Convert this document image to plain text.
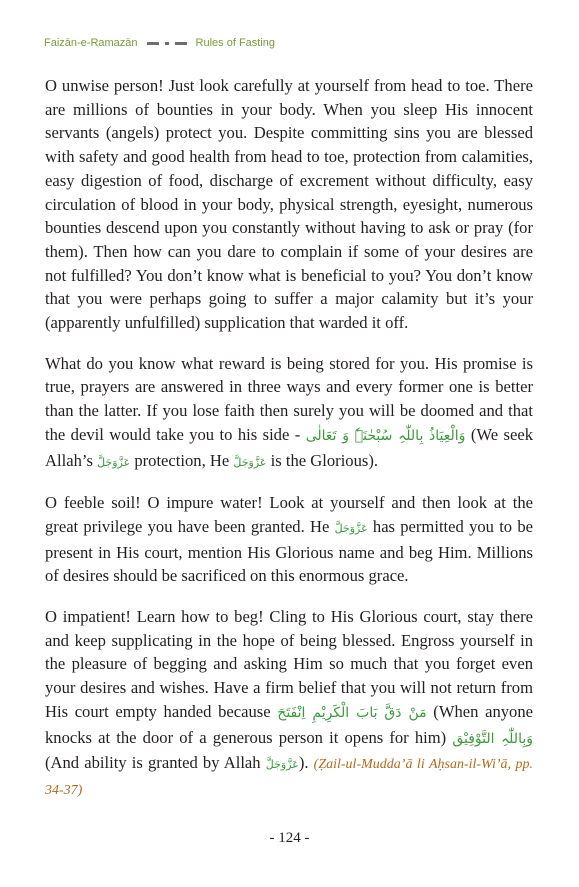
Faizān-e-Ramazān	Rules of Fasting

O unwise person! Just look carefully at yourself from head to toe. There are millions of bounties in your body. When you sleep His innocent servants (angels) protect you. Despite committing sins you are blessed with safety and good health from head to toe, protection from calamities, easy digestion of food, discharge of excrement without difficulty, easy circulation of blood in your body, physical strength, eyesight, numerous bounties descend upon you constantly without having to ask or pray (for them). Then how can you dare to complain if some of your desires are not fulfilled? You don’t know what is beneficial to you? You don’t know that you were perhaps going to suffer a major calamity but it’s your (apparently unfulfilled) supplication that warded it off.

What do you know what reward is being stored for you. His promise is true, prayers are answered in three ways and every former one is better than the latter. If you lose faith then surely you will be doomed and that the devil would take you to his side - وَالْعِيَاذُ بِاللّٰہِ سُبْحٰنَہٗ وَ تَعَالٰی (We seek Allah’s عَزَّوَجَلَّ protection, He عَزَّوَجَلَّ is the Glorious).

O feeble soil! O impure water! Look at yourself and then look at the great privilege you have been granted. He عَزَّوَجَلَّ has permitted you to be present in His court, mention His Glorious name and beg Him. Millions of desires should be sacrificed on this enormous grace.

O impatient! Learn how to beg! Cling to His Glorious court, stay there and keep supplicating in the hope of being blessed. Engross yourself in the pleasure of begging and asking Him so much that you forget even your desires and wishes. Have a firm belief that you will not return from His court empty handed because مَنْ دَقَّ بَابَ الْكَرِيْمِ اِنْفَتَحَ (When anyone knocks at the door of a generous person it opens for him) وَبِاللّٰہِ التَّوْفِیْق (And ability is granted by Allah عَزَّوَجَلَّ). (Ẓail-ul-Mudda’ā li Aḥsan-il-Wi’ā, pp. 34-37)

- 124 -
